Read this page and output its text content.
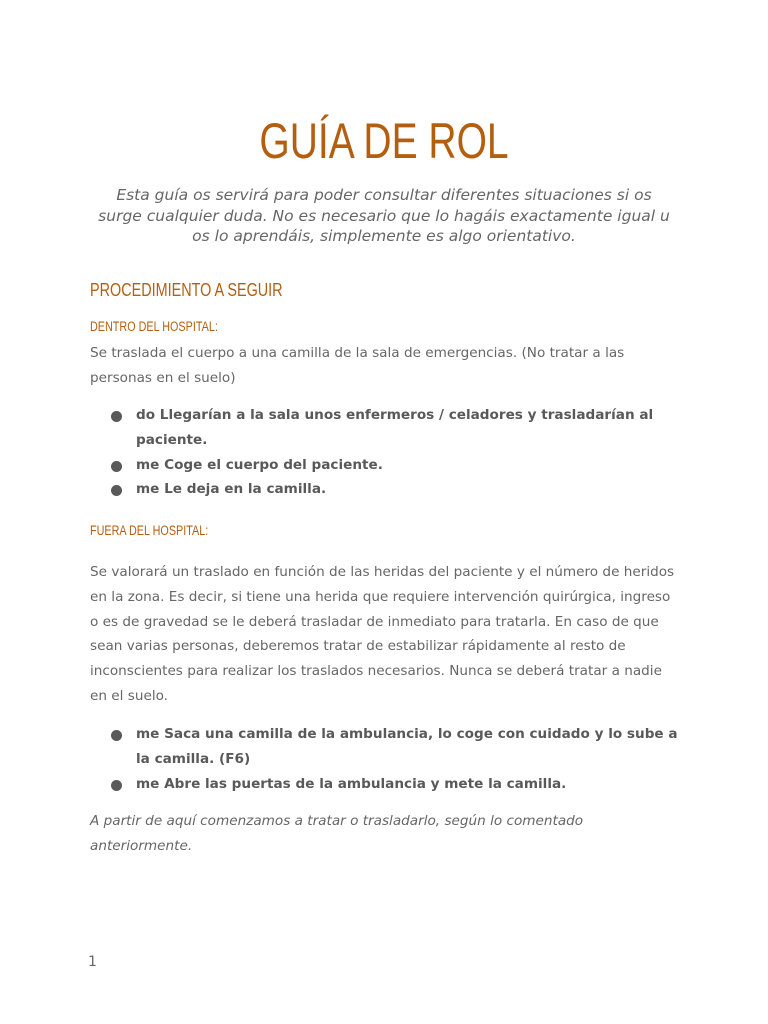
GUÍA DE ROL

Esta guía os servirá para poder consultar diferentes situaciones si os surge cualquier duda. No es necesario que lo hagáis exactamente igual u os lo aprendáis, simplemente es algo orientativo.

PROCEDIMIENTO A SEGUIR
DENTRO DEL HOSPITAL:

Se traslada el cuerpo a una camilla de la sala de emergencias. (No tratar a las personas en el suelo)

do Llegarían a la sala unos enfermeros / celadores y trasladarían al paciente.
me Coge el cuerpo del paciente.
me Le deja en la camilla.
FUERA DEL HOSPITAL:

Se valorará un traslado en función de las heridas del paciente y el número de heridos en la zona. Es decir, si tiene una herida que requiere intervención quirúrgica, ingreso o es de gravedad se le deberá trasladar de inmediato para tratarla. En caso de que sean varias personas, deberemos tratar de estabilizar rápidamente al resto de inconscientes para realizar los traslados necesarios. Nunca se deberá tratar a nadie en el suelo.

me Saca una camilla de la ambulancia, lo coge con cuidado y lo sube a la camilla. (F6)
me Abre las puertas de la ambulancia y mete la camilla.

A partir de aquí comenzamos a tratar o trasladarlo, según lo comentado anteriormente.

1
